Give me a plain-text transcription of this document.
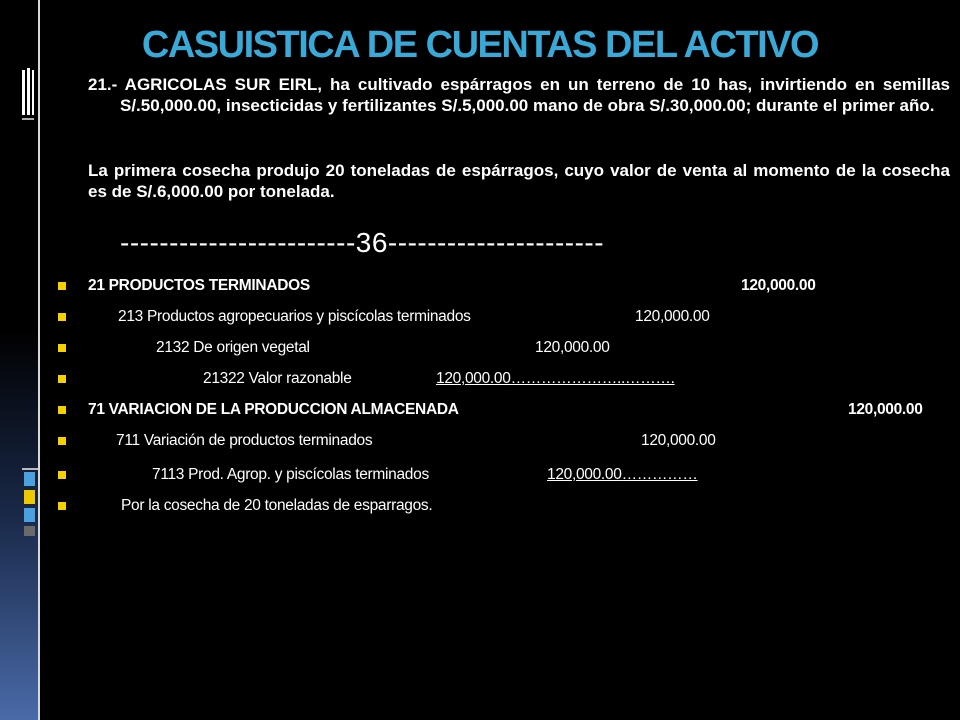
CASUISTICA DE CUENTAS DEL ACTIVO
21.- AGRICOLAS SUR EIRL, ha cultivado espárragos en un terreno de 10 has, invirtiendo en semillas S/.50,000.00, insecticidas y fertilizantes S/.5,000.00 mano de obra S/.30,000.00; durante el primer año.
La primera cosecha produjo 20 toneladas de espárragos, cuyo valor de venta al momento de la cosecha es de S/.6,000.00 por tonelada.
------------------------36----------------------
21 PRODUCTOS TERMINADOS	120,000.00
213 Productos agropecuarios y piscícolas terminados	120,000.00
2132 De origen vegetal	120,000.00
21322 Valor razonable	120,000.00…………………..……….
71 VARIACION DE LA PRODUCCION ALMACENADA	120,000.00
711 Variación de productos terminados	120,000.00
7113 Prod. Agrop. y piscícolas terminados	120,000.00……………
Por la cosecha de 20 toneladas de esparragos.
